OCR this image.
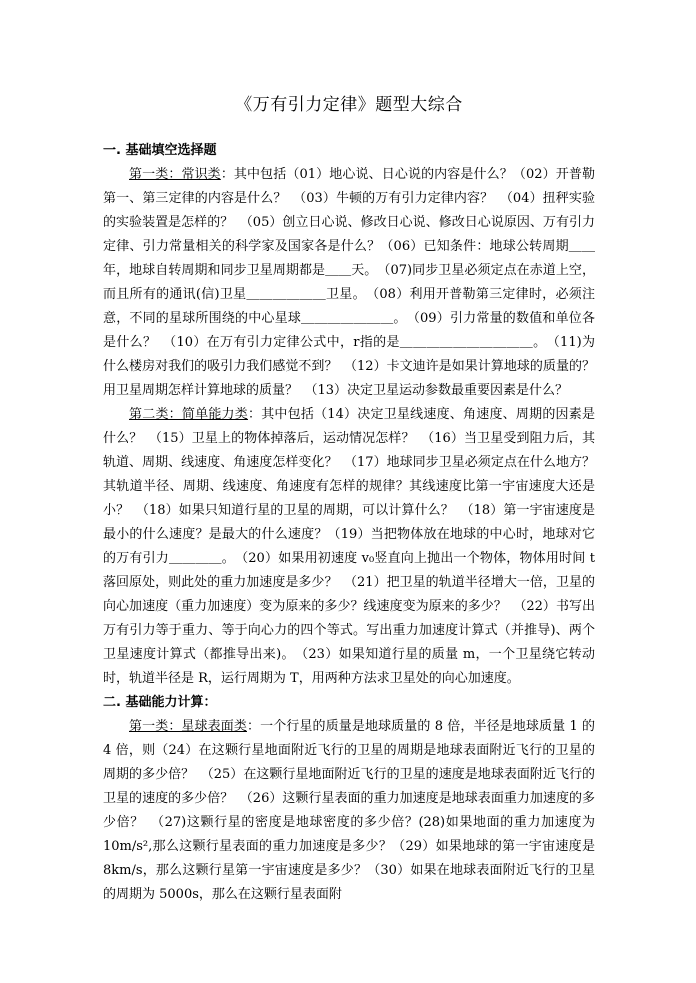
《万有引力定律》题型大综合
一. 基础填空选择题

第一类：常识类：其中包括（01）地心说、日心说的内容是什么？（02）开普勒第一、第三定律的内容是什么？　（03）牛顿的万有引力定律内容？　（04）扭秤实验的实验装置是怎样的？　（05）创立日心说、修改日心说、修改日心说原因、万有引力定律、引力常量相关的科学家及国家各是什么？（06）已知条件：地球公转周期＿＿年，地球自转周期和同步卫星周期都是＿＿天。　（07)同步卫星必须定点在赤道上空，而且所有的通讯(信)卫星＿＿＿＿＿＿卫星。　（08）利用开普勒第三定律时，必须注意，不同的星球所围绕的中心星球＿＿＿＿＿＿＿。　（09）引力常量的数值和单位各是什么？　（10）在万有引力定律公式中，r指的是＿＿＿＿＿＿＿＿＿＿。　（11)为什么楼房对我们的吸引力我们感觉不到？　（12）卡文迪许是如果计算地球的质量的？用卫星周期怎样计算地球的质量？　（13）决定卫星运动参数最重要因素是什么？

第二类：简单能力类：其中包括（14）决定卫星线速度、角速度、周期的因素是什么？　（15）卫星上的物体掉落后，运动情况怎样？　（16）当卫星受到阻力后，其轨道、周期、线速度、角速度怎样变化？　（17）地球同步卫星必须定点在什么地方？其轨道半径、周期、线速度、角速度有怎样的规律？其线速度比第一宇宙速度大还是小？　（18）如果只知道行星的卫星的周期，可以计算什么？　（18）第一宇宙速度是最小的什么速度？是最大的什么速度？（19）当把物体放在地球的中心时，地球对它的万有引力＿＿＿＿。　（20）如果用初速度 v₀竖直向上抛出一个物体，物体用时间 t落回原处，则此处的重力加速度是多少？　（21）把卫星的轨道半径增大一倍，卫星的向心加速度（重力加速度）变为原来的多少？线速度变为原来的多少？　（22）书写出万有引力等于重力、等于向心力的四个等式。写出重力加速度计算式（并推导)、两个卫星速度计算式（都推导出来)。　（23）如果知道行星的质量 m，一个卫星绕它转动时，轨道半径是 R，运行周期为 T，用两种方法求卫星处的向心加速度。

二. 基础能力计算：

第一类：星球表面类：一个行星的质量是地球质量的 8 倍，半径是地球质量 1 的 4 倍，则（24）在这颗行星地面附近飞行的卫星的周期是地球表面附近飞行的卫星的周期的多少倍？　（25）在这颗行星地面附近飞行的卫星的速度是地球表面附近飞行的卫星的速度的多少倍？　（26）这颗行星表面的重力加速度是地球表面重力加速度的多少倍？　（27)这颗行星的密度是地球密度的多少倍？(28)如果地面的重力加速度为 10m/s²,那么这颗行星表面的重力加速度是多少？（29）如果地球的第一宇宙速度是 8km/s，那么这颗行星第一宇宙速度是多少？（30）如果在地球表面附近飞行的卫星的周期为 5000s，那么在这颗行星表面附
